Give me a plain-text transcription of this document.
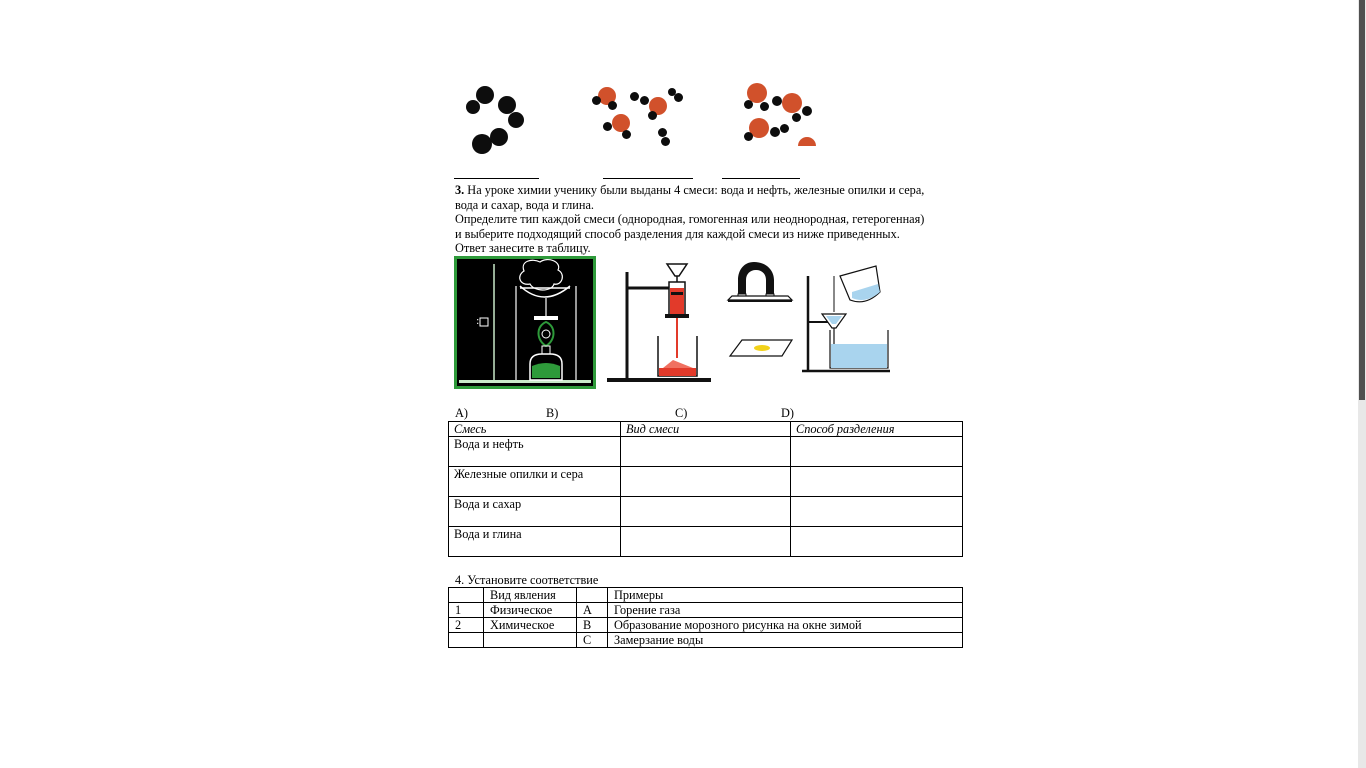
3. На уроке химии ученику были выданы 4 смеси: вода и нефть, железные опилки и сера,

вода и сахар, вода и глина.

Определите тип каждой смеси (однородная, гомогенная или неоднородная, гетерогенная)

и выберите подходящий способ разделения для каждой смеси из ниже приведенных.

Ответ занесите в таблицу.

:
A)	B)	C)	D)
Смесь	Вид смеси	Способ разделения
Вода и нефть		
Железные опилки и сера		
Вода и сахар		
Вода и глина		
4. Установите соответствие
	Вид явления		Примеры
1	Физическое	A	Горение газа
2	Химическое	B	Образование морозного рисунка на окне зимой
		C	Замерзание воды
